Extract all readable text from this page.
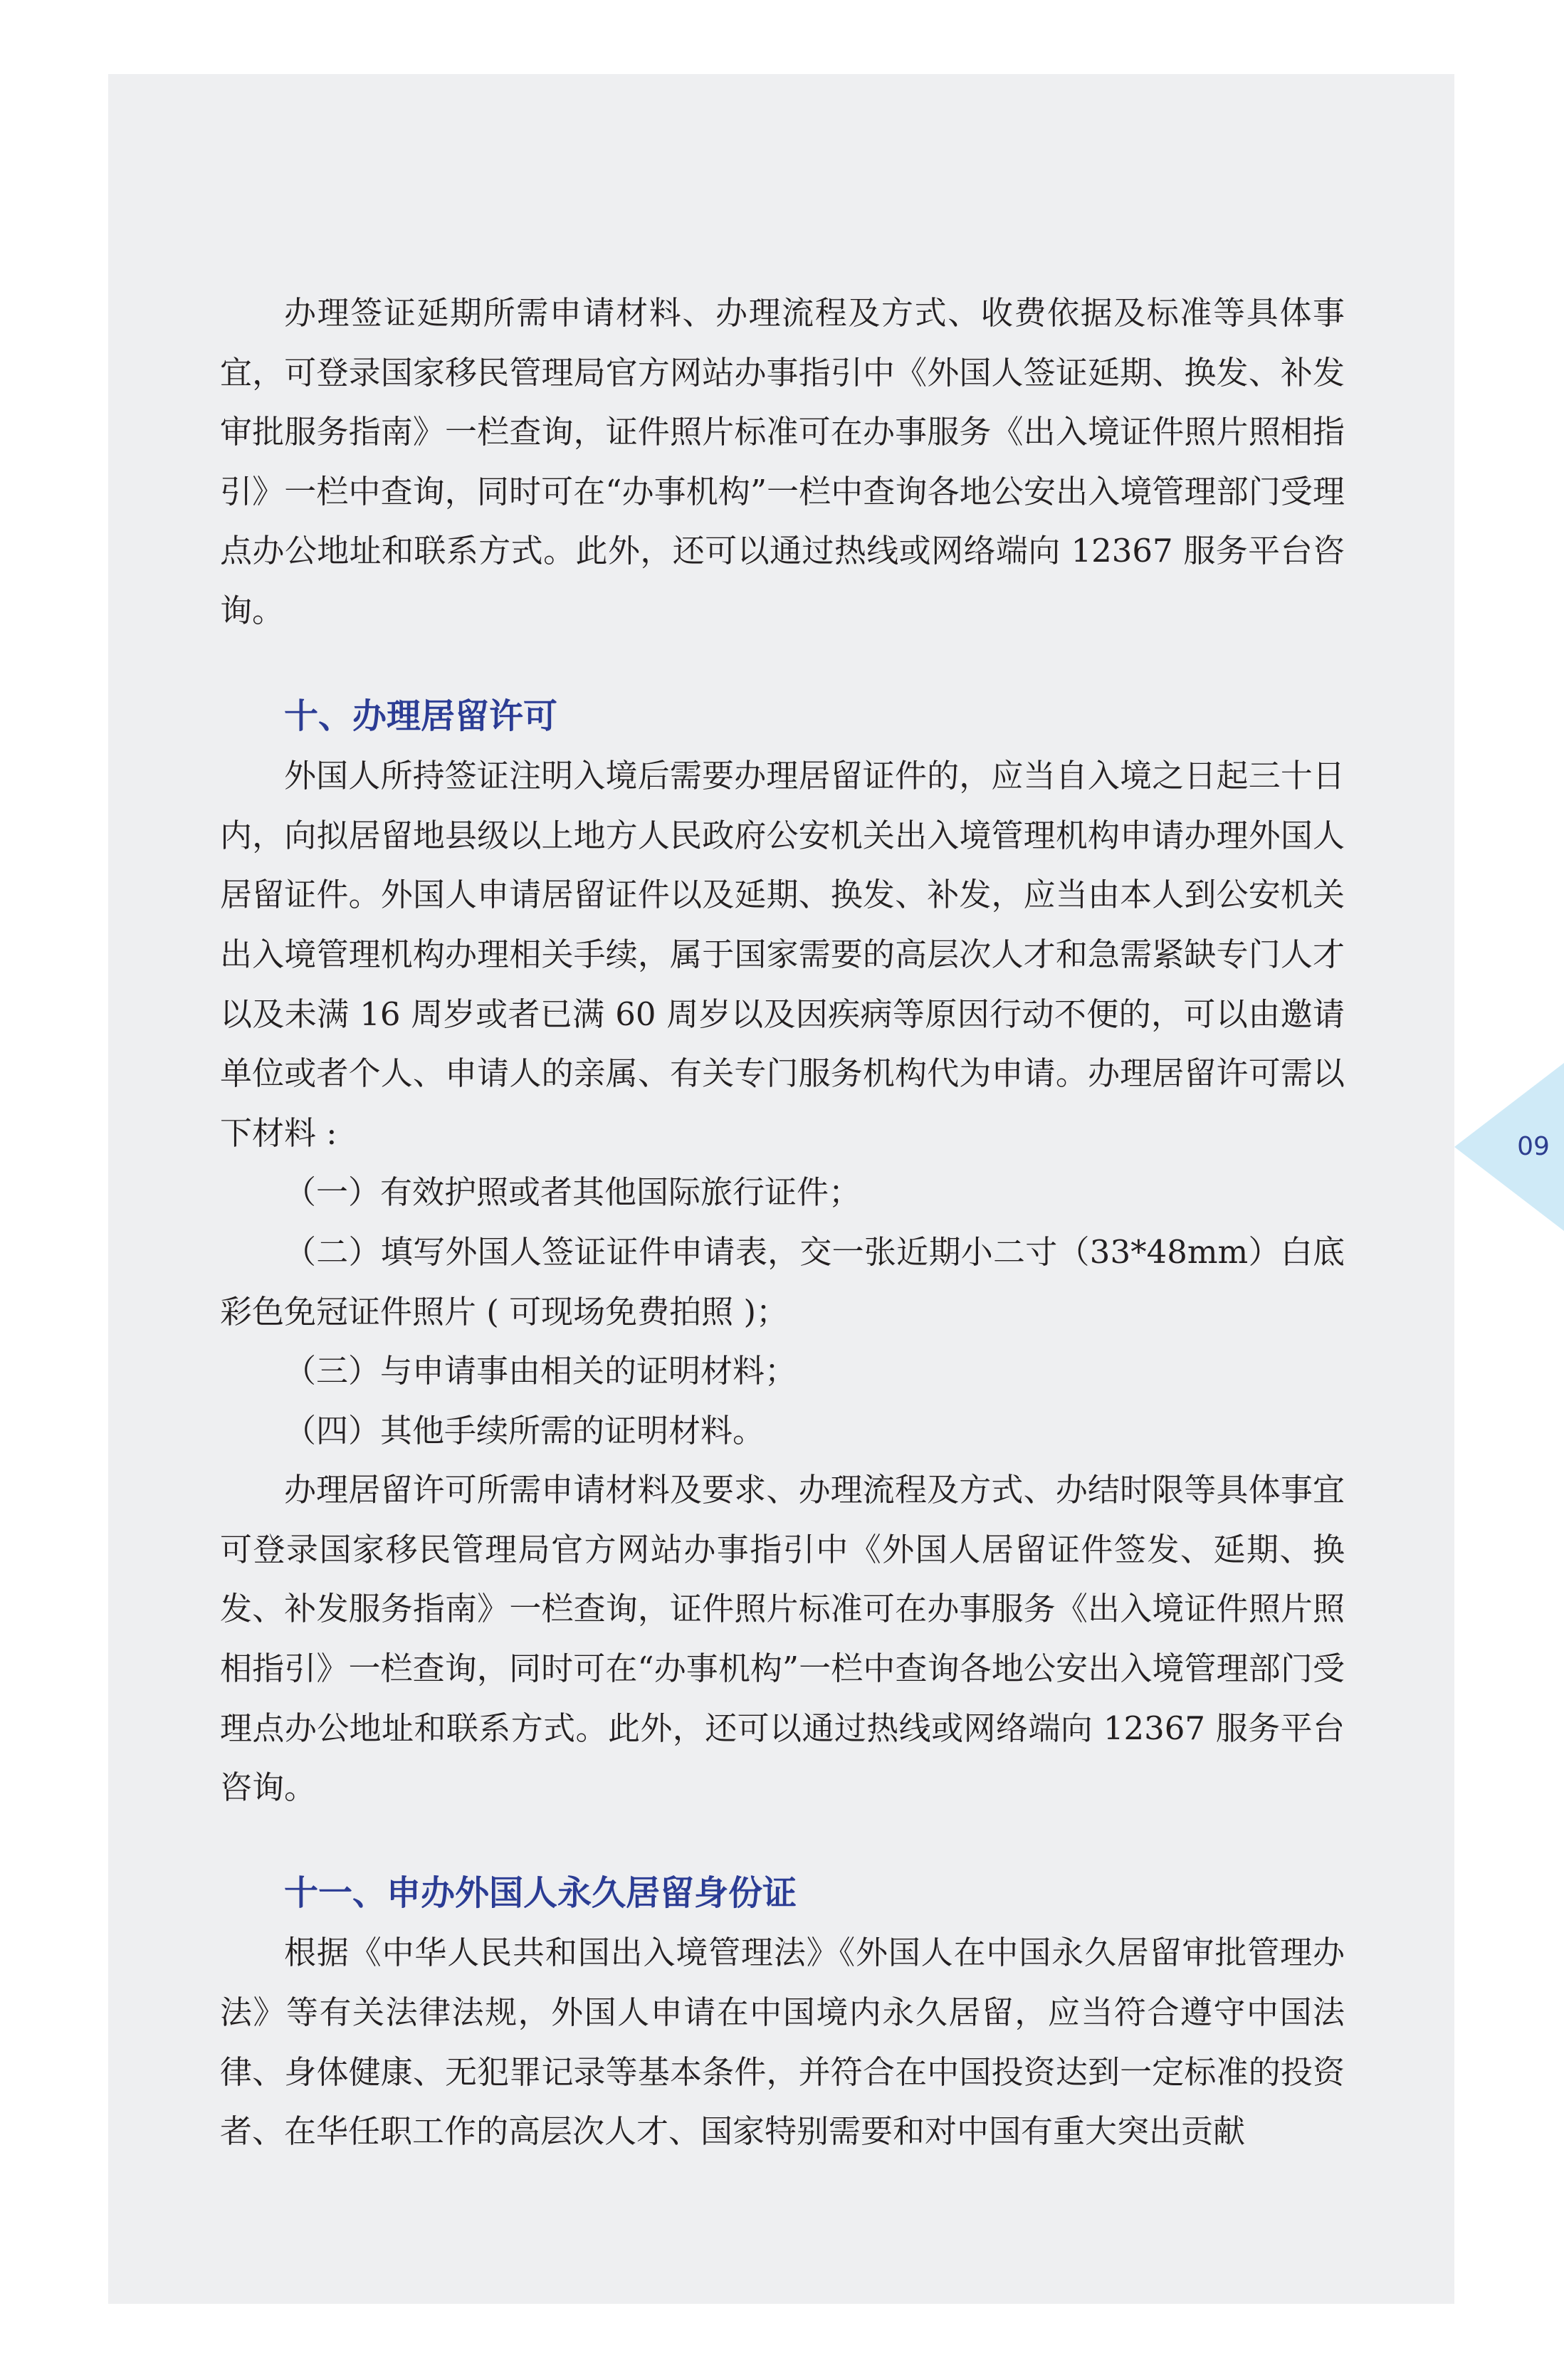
办理签证延期所需申请材料、办理流程及方式、收费依据及标准等具体事宜，可登录国家移民管理局官方网站办事指引中《外国人签证延期、换发、补发审批服务指南》一栏查询，证件照片标准可在办事服务《出入境证件照片照相指引》一栏中查询，同时可在“办事机构”一栏中查询各地公安出入境管理部门受理点办公地址和联系方式。此外，还可以通过热线或网络端向 12367 服务平台咨询。

十、办理居留许可

外国人所持签证注明入境后需要办理居留证件的，应当自入境之日起三十日内，向拟居留地县级以上地方人民政府公安机关出入境管理机构申请办理外国人居留证件。外国人申请居留证件以及延期、换发、补发，应当由本人到公安机关出入境管理机构办理相关手续，属于国家需要的高层次人才和急需紧缺专门人才以及未满 16 周岁或者已满 60 周岁以及因疾病等原因行动不便的，可以由邀请单位或者个人、申请人的亲属、有关专门服务机构代为申请。办理居留许可需以下材料 :

（一）有效护照或者其他国际旅行证件；

（二）填写外国人签证证件申请表，交一张近期小二寸（33*48mm）白底彩色免冠证件照片 ( 可现场免费拍照 )；

（三）与申请事由相关的证明材料；

（四）其他手续所需的证明材料。

办理居留许可所需申请材料及要求、办理流程及方式、办结时限等具体事宜可登录国家移民管理局官方网站办事指引中《外国人居留证件签发、延期、换发、补发服务指南》一栏查询，证件照片标准可在办事服务《出入境证件照片照相指引》一栏查询，同时可在“办事机构”一栏中查询各地公安出入境管理部门受理点办公地址和联系方式。此外，还可以通过热线或网络端向 12367 服务平台咨询。

十一、申办外国人永久居留身份证

根据《中华人民共和国出入境管理法》《外国人在中国永久居留审批管理办法》等有关法律法规，外国人申请在中国境内永久居留，应当符合遵守中国法律、身体健康、无犯罪记录等基本条件，并符合在中国投资达到一定标准的投资者、在华任职工作的高层次人才、国家特别需要和对中国有重大突出贡献

09
